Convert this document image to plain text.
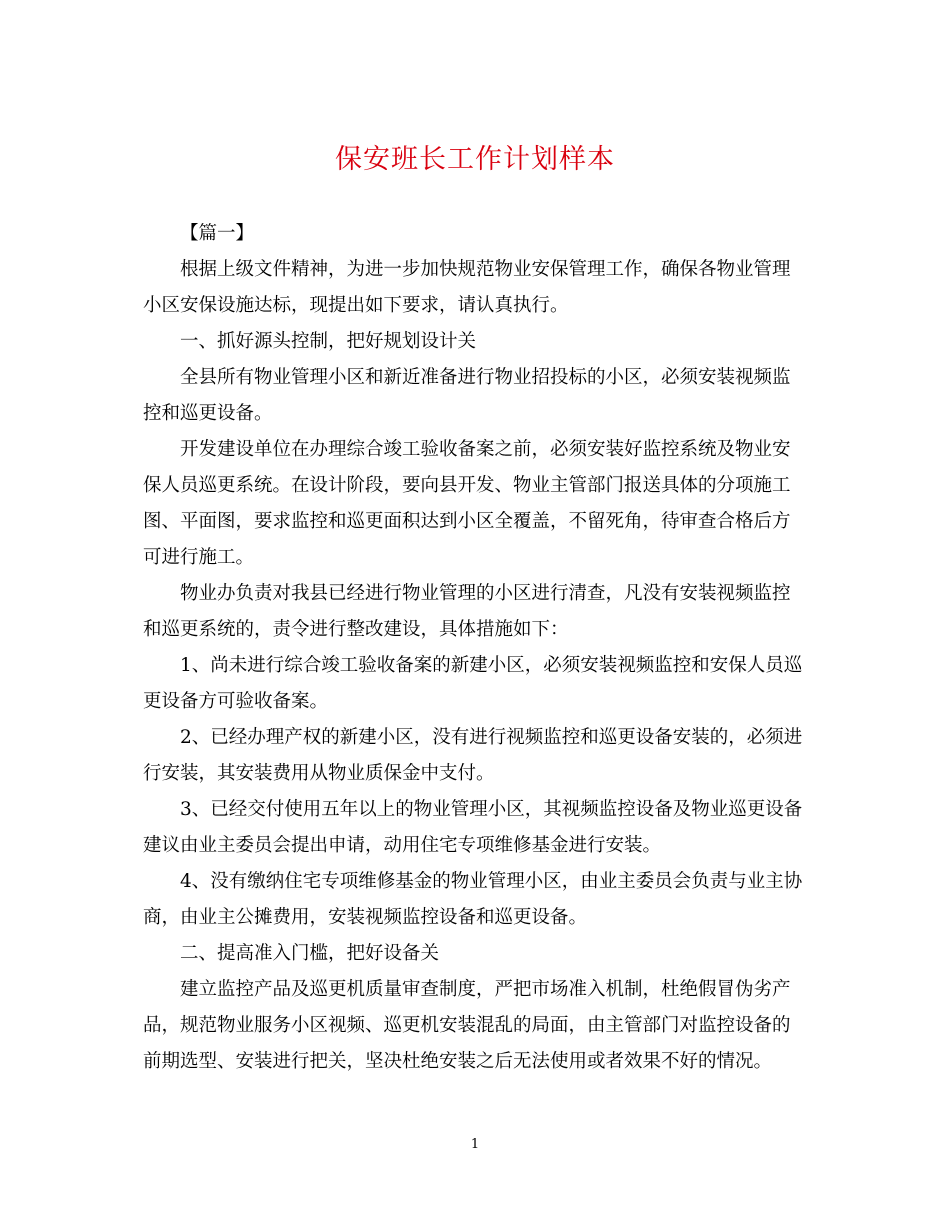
保安班长工作计划样本

【篇一】

根据上级文件精神，为进一步加快规范物业安保管理工作，确保各物业管理
小区安保设施达标，现提出如下要求，请认真执行。

一、抓好源头控制，把好规划设计关

全县所有物业管理小区和新近准备进行物业招投标的小区，必须安装视频监
控和巡更设备。

开发建设单位在办理综合竣工验收备案之前，必须安装好监控系统及物业安
保人员巡更系统。在设计阶段，要向县开发、物业主管部门报送具体的分项施工
图、平面图，要求监控和巡更面积达到小区全覆盖，不留死角，待审查合格后方
可进行施工。

物业办负责对我县已经进行物业管理的小区进行清查，凡没有安装视频监控
和巡更系统的，责令进行整改建设，具体措施如下：

1、尚未进行综合竣工验收备案的新建小区，必须安装视频监控和安保人员巡
更设备方可验收备案。

2、已经办理产权的新建小区，没有进行视频监控和巡更设备安装的，必须进
行安装，其安装费用从物业质保金中支付。

3、已经交付使用五年以上的物业管理小区，其视频监控设备及物业巡更设备
建议由业主委员会提出申请，动用住宅专项维修基金进行安装。

4、没有缴纳住宅专项维修基金的物业管理小区，由业主委员会负责与业主协
商，由业主公摊费用，安装视频监控设备和巡更设备。

二、提高准入门槛，把好设备关

建立监控产品及巡更机质量审查制度，严把市场准入机制，杜绝假冒伪劣产
品，规范物业服务小区视频、巡更机安装混乱的局面，由主管部门对监控设备的
前期选型、安装进行把关，坚决杜绝安装之后无法使用或者效果不好的情况。

1
